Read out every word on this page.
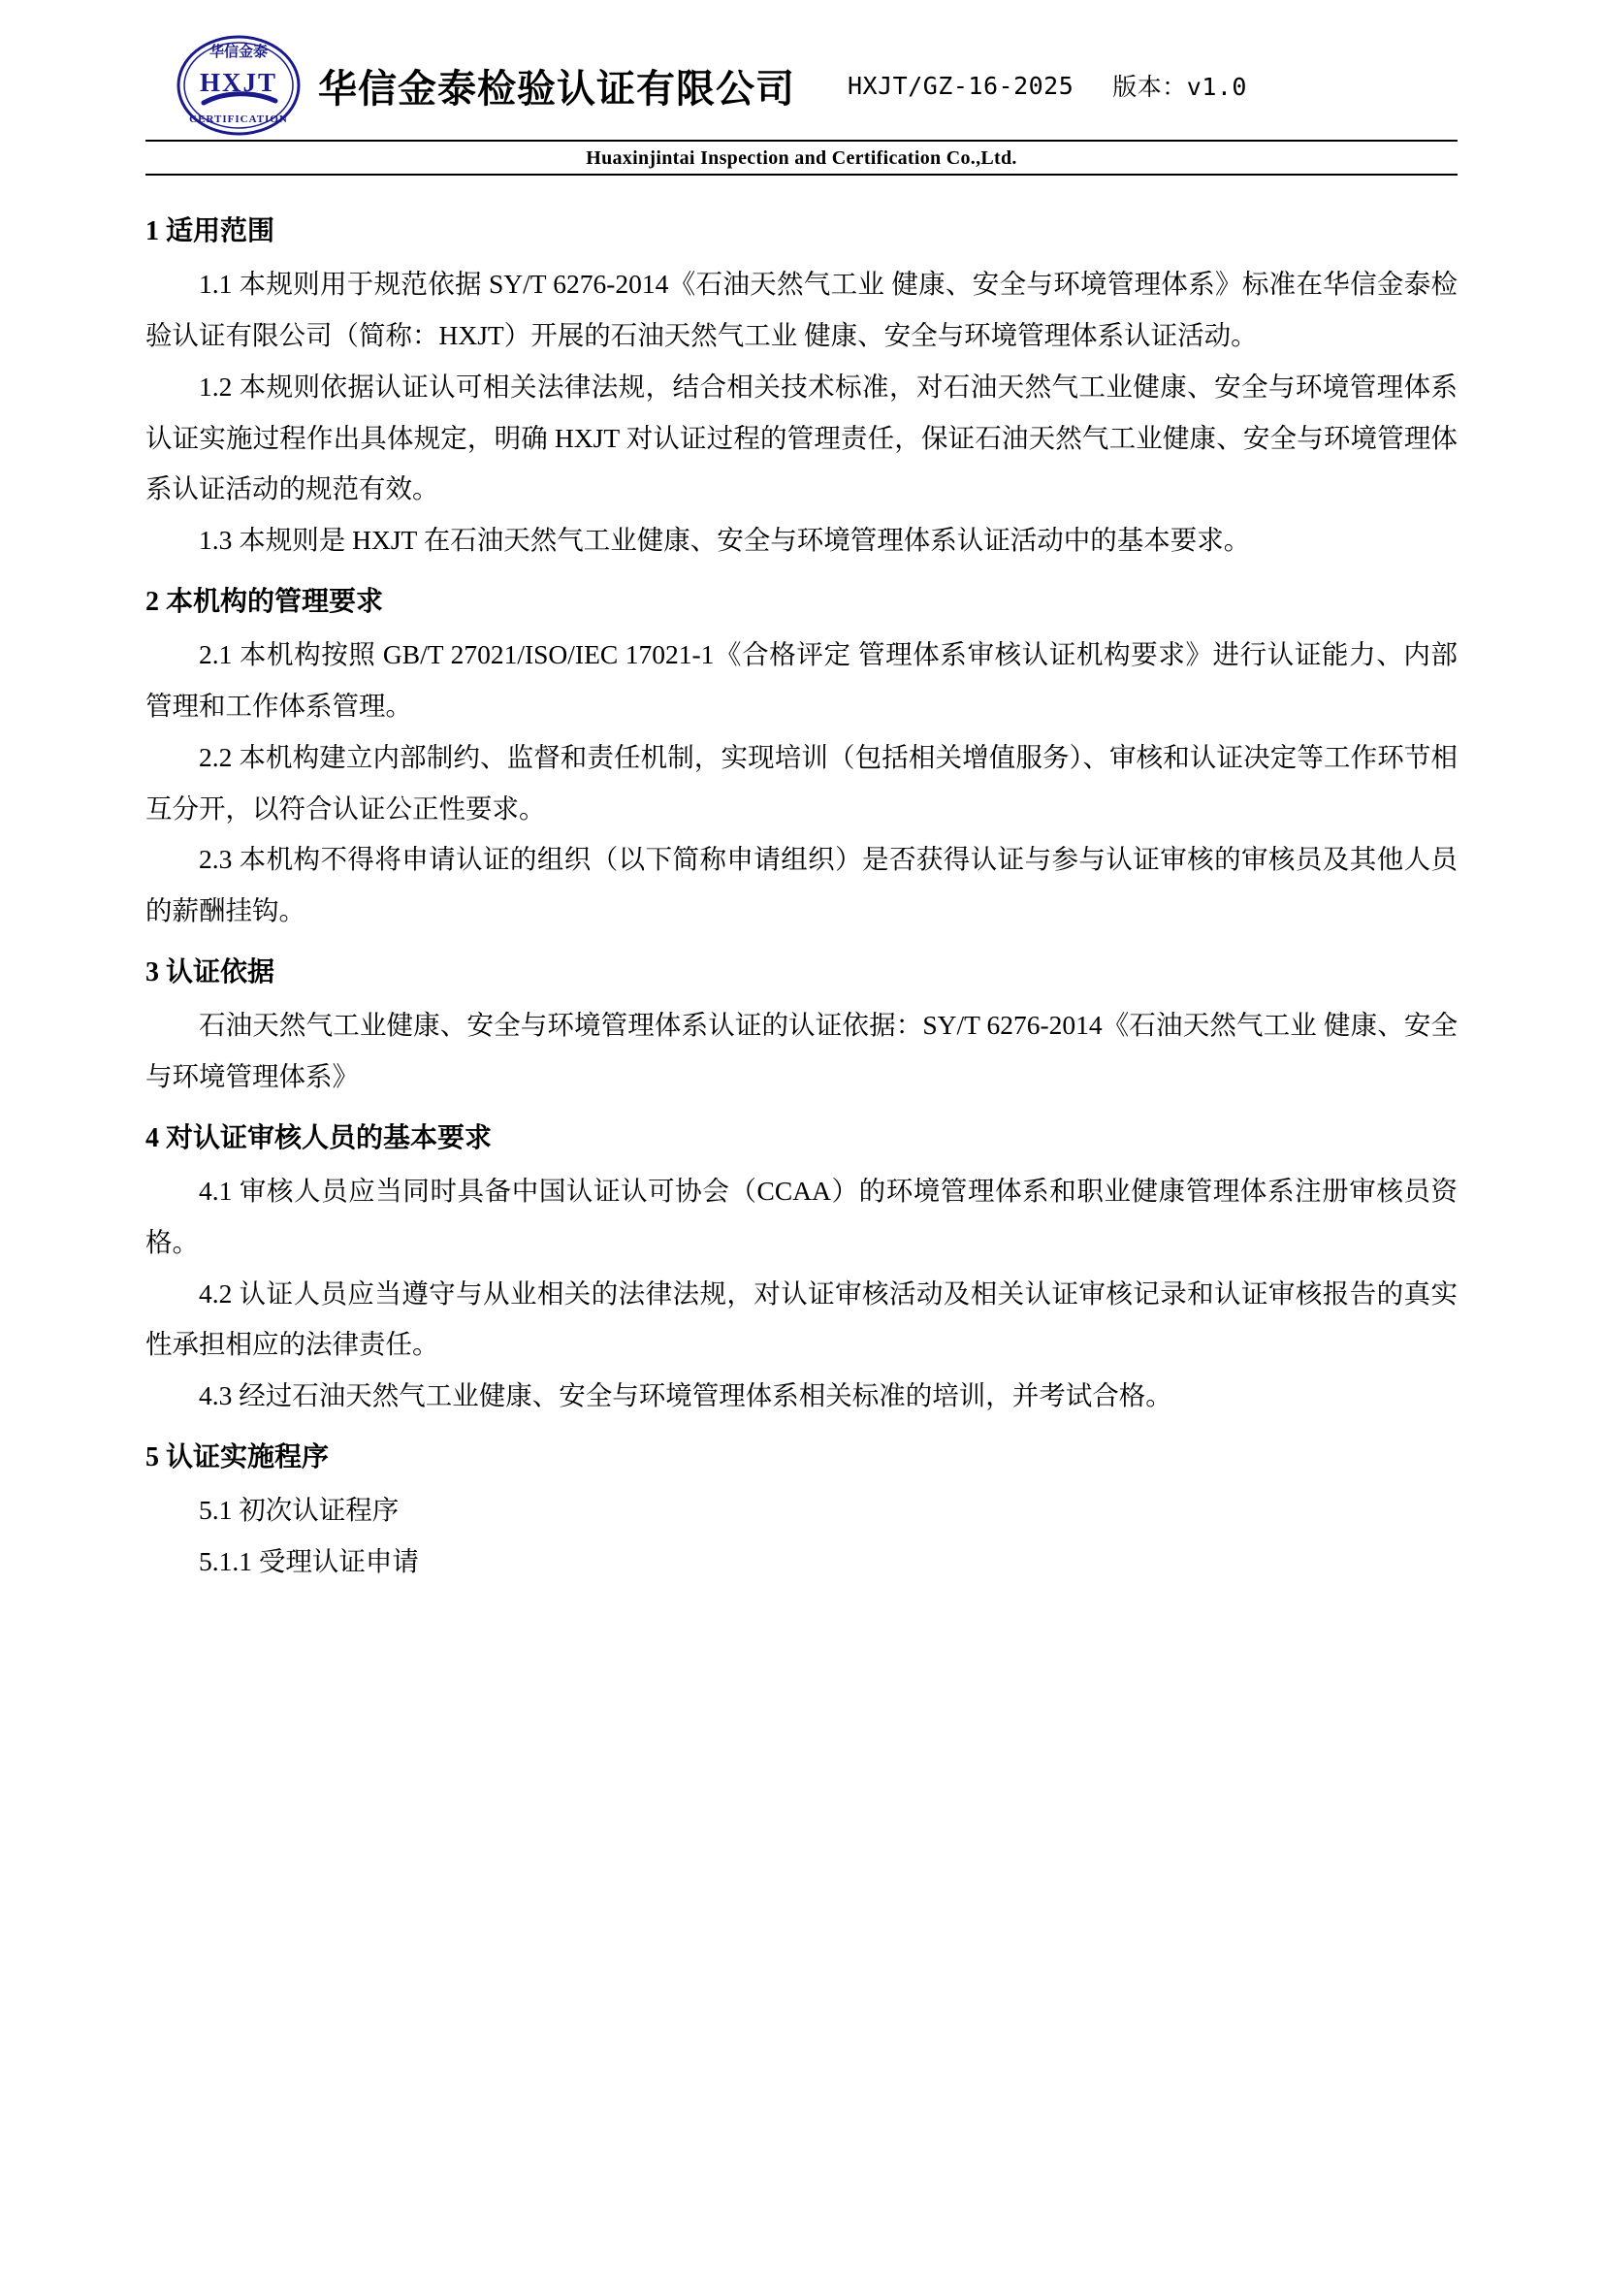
华信金泰
HXJT
CERTIFICATION
华信金泰检验认证有限公司 HXJT/GZ-16-2025 版本：v1.0
Huaxinjintai Inspection and Certification Co.,Ltd.
1 适用范围

1.1 本规则用于规范依据 SY/T 6276-2014《石油天然气工业 健康、安全与环境管理体系》标准在华信金泰检验认证有限公司（简称：HXJT）开展的石油天然气工业 健康、安全与环境管理体系认证活动。

1.2 本规则依据认证认可相关法律法规，结合相关技术标准，对石油天然气工业健康、安全与环境管理体系认证实施过程作出具体规定，明确 HXJT 对认证过程的管理责任，保证石油天然气工业健康、安全与环境管理体系认证活动的规范有效。

1.3 本规则是 HXJT 在石油天然气工业健康、安全与环境管理体系认证活动中的基本要求。

2 本机构的管理要求

2.1 本机构按照 GB/T 27021/ISO/IEC 17021-1《合格评定 管理体系审核认证机构要求》进行认证能力、内部管理和工作体系管理。

2.2 本机构建立内部制约、监督和责任机制，实现培训（包括相关增值服务）、审核和认证决定等工作环节相互分开，以符合认证公正性要求。

2.3 本机构不得将申请认证的组织（以下简称申请组织）是否获得认证与参与认证审核的审核员及其他人员的薪酬挂钩。

3 认证依据

石油天然气工业健康、安全与环境管理体系认证的认证依据：SY/T 6276-2014《石油天然气工业 健康、安全与环境管理体系》

4 对认证审核人员的基本要求

4.1 审核人员应当同时具备中国认证认可协会（CCAA）的环境管理体系和职业健康管理体系注册审核员资格。

4.2 认证人员应当遵守与从业相关的法律法规，对认证审核活动及相关认证审核记录和认证审核报告的真实性承担相应的法律责任。

4.3 经过石油天然气工业健康、安全与环境管理体系相关标准的培训，并考试合格。

5 认证实施程序

5.1 初次认证程序

5.1.1 受理认证申请
